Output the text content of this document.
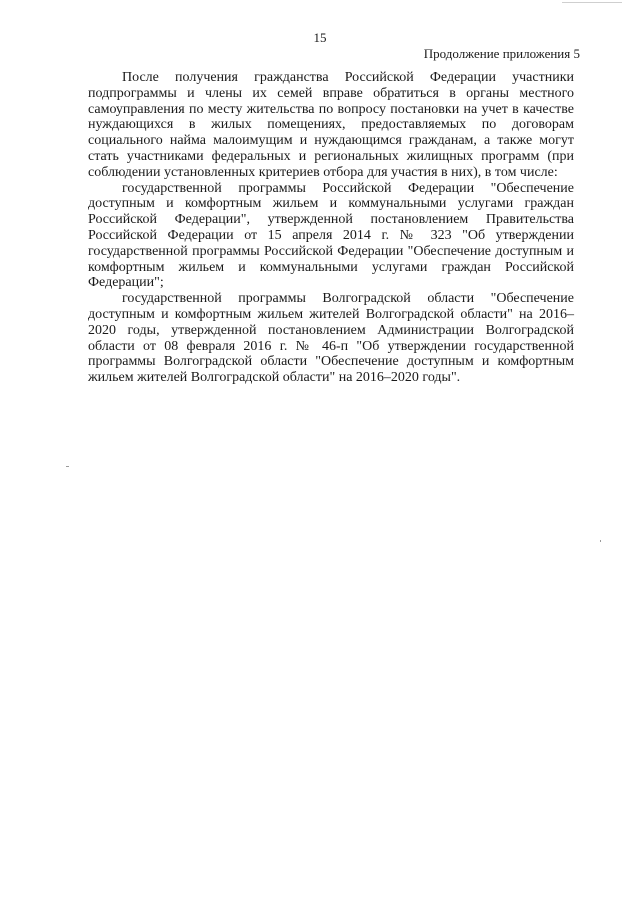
15
Продолжение приложения 5

После получения гражданства Российской Федерации участники подпрограммы и члены их семей вправе обратиться в органы местного самоуправления по месту жительства по вопросу постановки на учет в качестве нуждающихся в жилых помещениях, предоставляемых по договорам социального найма малоимущим и нуждающимся гражданам, а также могут стать участниками федеральных и региональных жилищных программ (при соблюдении установленных критериев отбора для участия в них), в том числе:

государственной программы Российской Федерации "Обеспечение доступным и комфортным жильем и коммунальными услугами граждан Российской Федерации", утвержденной постановлением Правительства Российской Федерации от 15 апреля 2014 г. № 323 "Об утверждении государственной программы Российской Федерации "Обеспечение доступным и комфортным жильем и коммунальными услугами граждан Российской Федерации";

государственной программы Волгоградской области "Обеспечение доступным и комфортным жильем жителей Волгоградской области" на 2016–2020 годы, утвержденной постановлением Администрации Волгоградской области от 08 февраля 2016 г. № 46-п "Об утверждении государственной программы Волгоградской области "Обеспечение доступным и комфортным жильем жителей Волгоградской области" на 2016–2020 годы".
